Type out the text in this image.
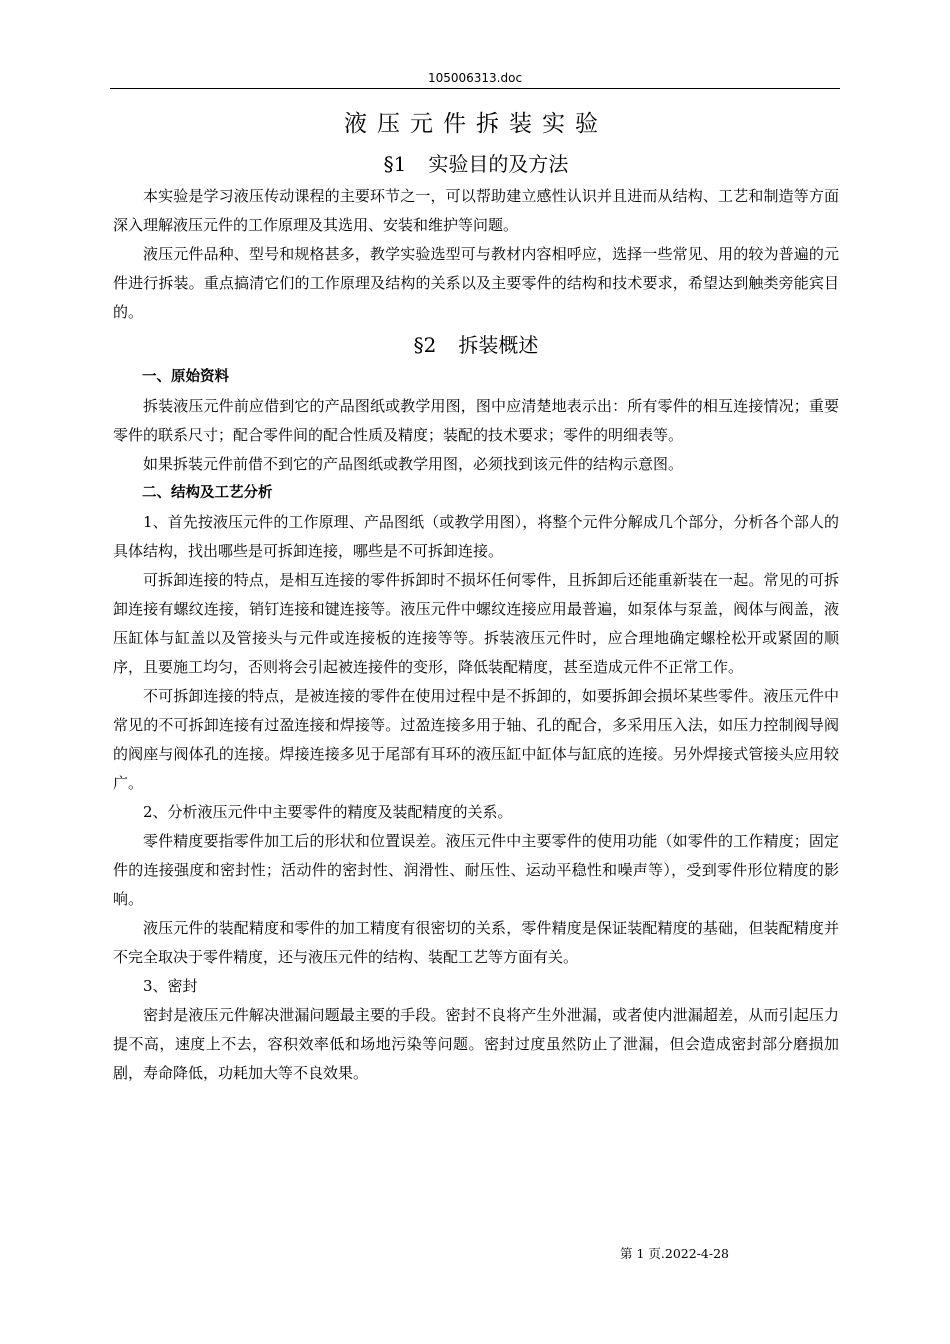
105006313.doc
液压元件拆装实验
§1 实验目的及方法

本实验是学习液压传动课程的主要环节之一，可以帮助建立感性认识并且进而从结构、工艺和制造等方面深入理解液压元件的工作原理及其选用、安装和维护等问题。

液压元件品种、型号和规格甚多，教学实验选型可与教材内容相呼应，选择一些常见、用的较为普遍的元件进行拆装。重点搞清它们的工作原理及结构的关系以及主要零件的结构和技术要求，希望达到触类旁能宾目的。

§2 拆装概述

一、原始资料

拆装液压元件前应借到它的产品图纸或教学用图，图中应清楚地表示出：所有零件的相互连接情况；重要零件的联系尺寸；配合零件间的配合性质及精度；装配的技术要求；零件的明细表等。

如果拆装元件前借不到它的产品图纸或教学用图，必须找到该元件的结构示意图。

二、结构及工艺分析

1、首先按液压元件的工作原理、产品图纸（或教学用图），将整个元件分解成几个部分，分析各个部人的具体结构，找出哪些是可拆卸连接，哪些是不可拆卸连接。

可拆卸连接的特点，是相互连接的零件拆卸时不损坏任何零件，且拆卸后还能重新装在一起。常见的可拆卸连接有螺纹连接，销钉连接和键连接等。液压元件中螺纹连接应用最普遍，如泵体与泵盖，阀体与阀盖，液压缸体与缸盖以及管接头与元件或连接板的连接等等。拆装液压元件时，应合理地确定螺栓松开或紧固的顺序，且要施工均匀，否则将会引起被连接件的变形，降低装配精度，甚至造成元件不正常工作。

不可拆卸连接的特点，是被连接的零件在使用过程中是不拆卸的，如要拆卸会损坏某些零件。液压元件中常见的不可拆卸连接有过盈连接和焊接等。过盈连接多用于轴、孔的配合，多采用压入法，如压力控制阀导阀的阀座与阀体孔的连接。焊接连接多见于尾部有耳环的液压缸中缸体与缸底的连接。另外焊接式管接头应用较广。

2、分析液压元件中主要零件的精度及装配精度的关系。

零件精度要指零件加工后的形状和位置误差。液压元件中主要零件的使用功能（如零件的工作精度；固定件的连接强度和密封性；活动件的密封性、润滑性、耐压性、运动平稳性和噪声等），受到零件形位精度的影响。

液压元件的装配精度和零件的加工精度有很密切的关系，零件精度是保证装配精度的基础，但装配精度并不完全取决于零件精度，还与液压元件的结构、装配工艺等方面有关。

3、密封

密封是液压元件解决泄漏问题最主要的手段。密封不良将产生外泄漏，或者使内泄漏超差，从而引起压力提不高，速度上不去，容积效率低和场地污染等问题。密封过度虽然防止了泄漏，但会造成密封部分磨损加剧，寿命降低，功耗加大等不良效果。

第 1 页.2022-4-28
